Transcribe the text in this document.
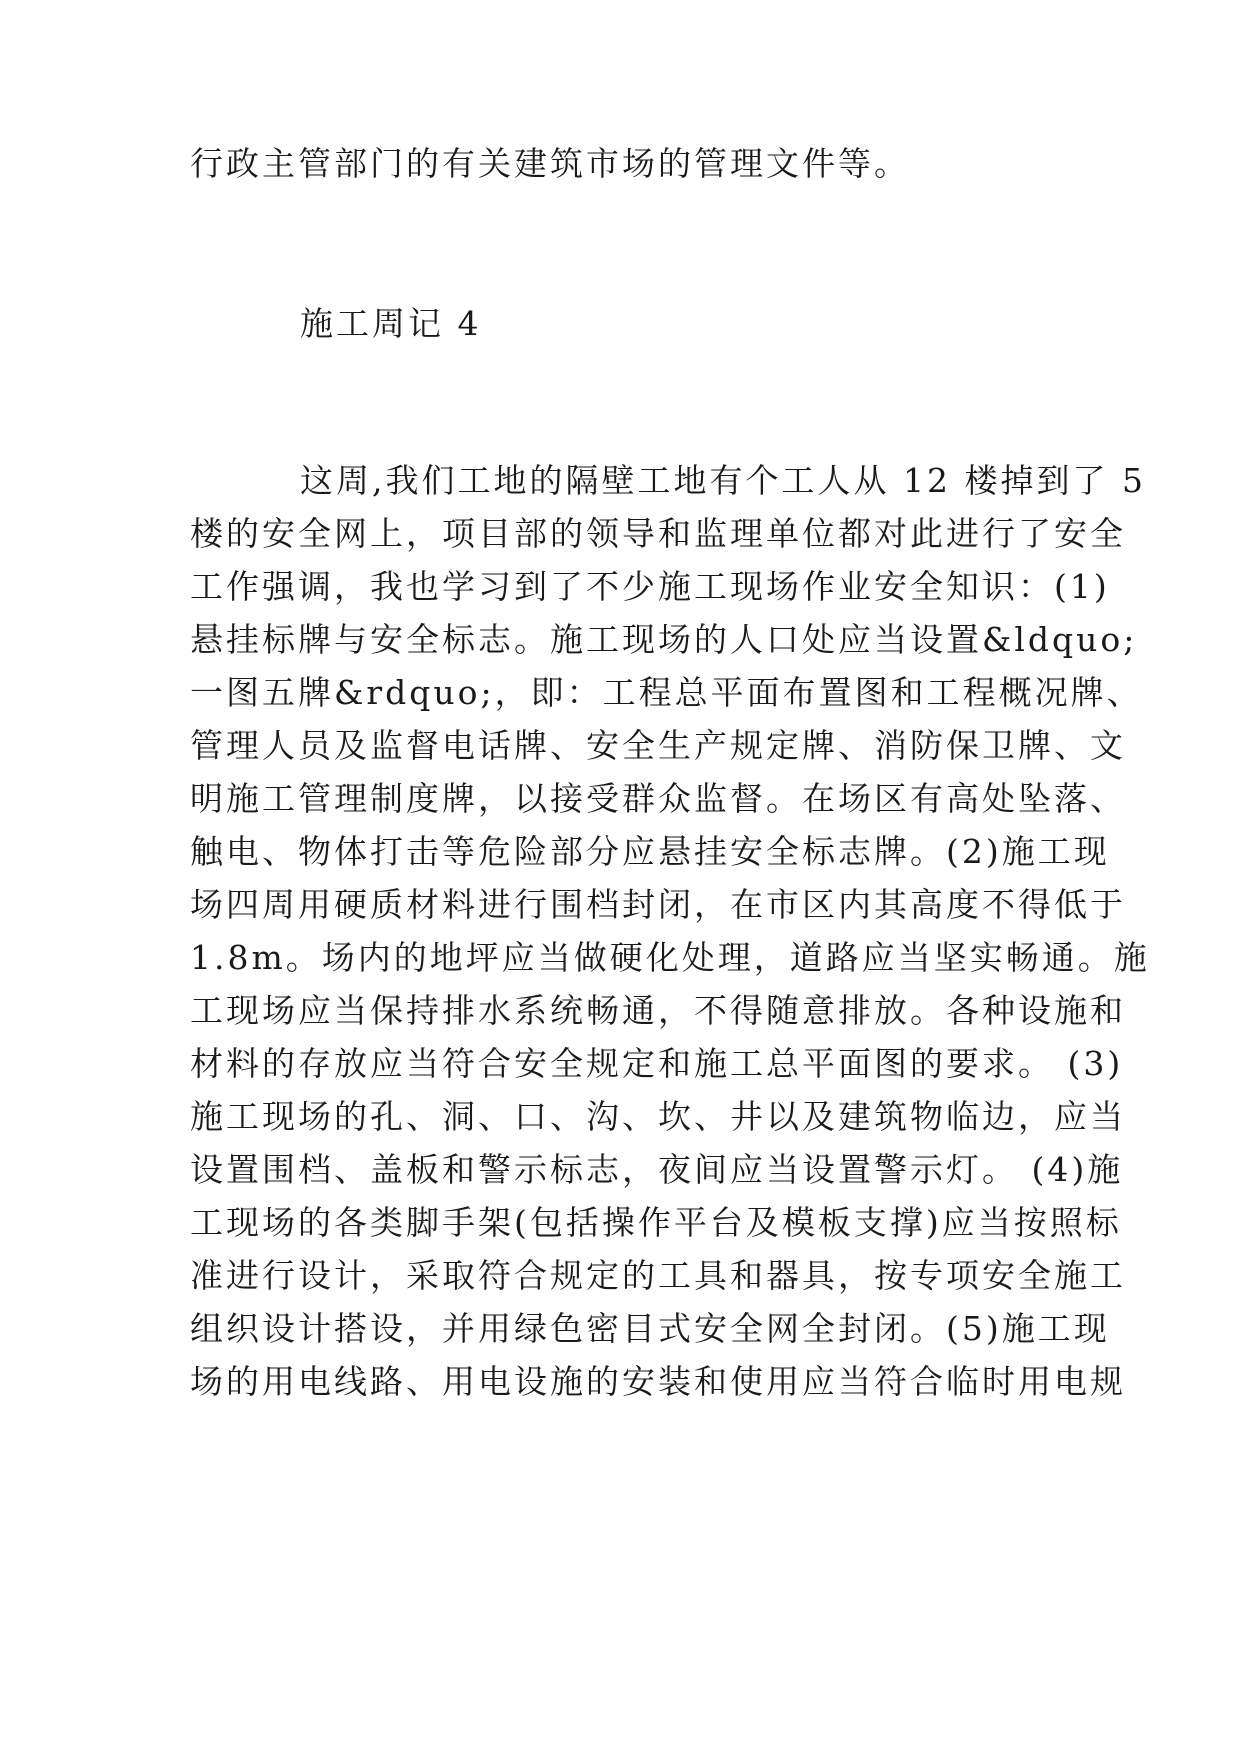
行政主管部门的有关建筑市场的管理文件等。
施工周记 4
这周,我们工地的隔壁工地有个工人从 12 楼掉到了 5
楼的安全网上，项目部的领导和监理单位都对此进行了安全
工作强调，我也学习到了不少施工现场作业安全知识：(1)
悬挂标牌与安全标志。施工现场的人口处应当设置&ldquo;
一图五牌&rdquo;，即：工程总平面布置图和工程概况牌、
管理人员及监督电话牌、安全生产规定牌、消防保卫牌、文
明施工管理制度牌，以接受群众监督。在场区有高处坠落、
触电、物体打击等危险部分应悬挂安全标志牌。(2)施工现
场四周用硬质材料进行围档封闭，在市区内其高度不得低于
1.8m。场内的地坪应当做硬化处理，道路应当坚实畅通。施
工现场应当保持排水系统畅通，不得随意排放。各种设施和
材料的存放应当符合安全规定和施工总平面图的要求。 (3)
施工现场的孔、洞、口、沟、坎、井以及建筑物临边，应当
设置围档、盖板和警示标志，夜间应当设置警示灯。 (4)施
工现场的各类脚手架(包括操作平台及模板支撑)应当按照标
准进行设计，采取符合规定的工具和器具，按专项安全施工
组织设计搭设，并用绿色密目式安全网全封闭。(5)施工现
场的用电线路、用电设施的安装和使用应当符合临时用电规
